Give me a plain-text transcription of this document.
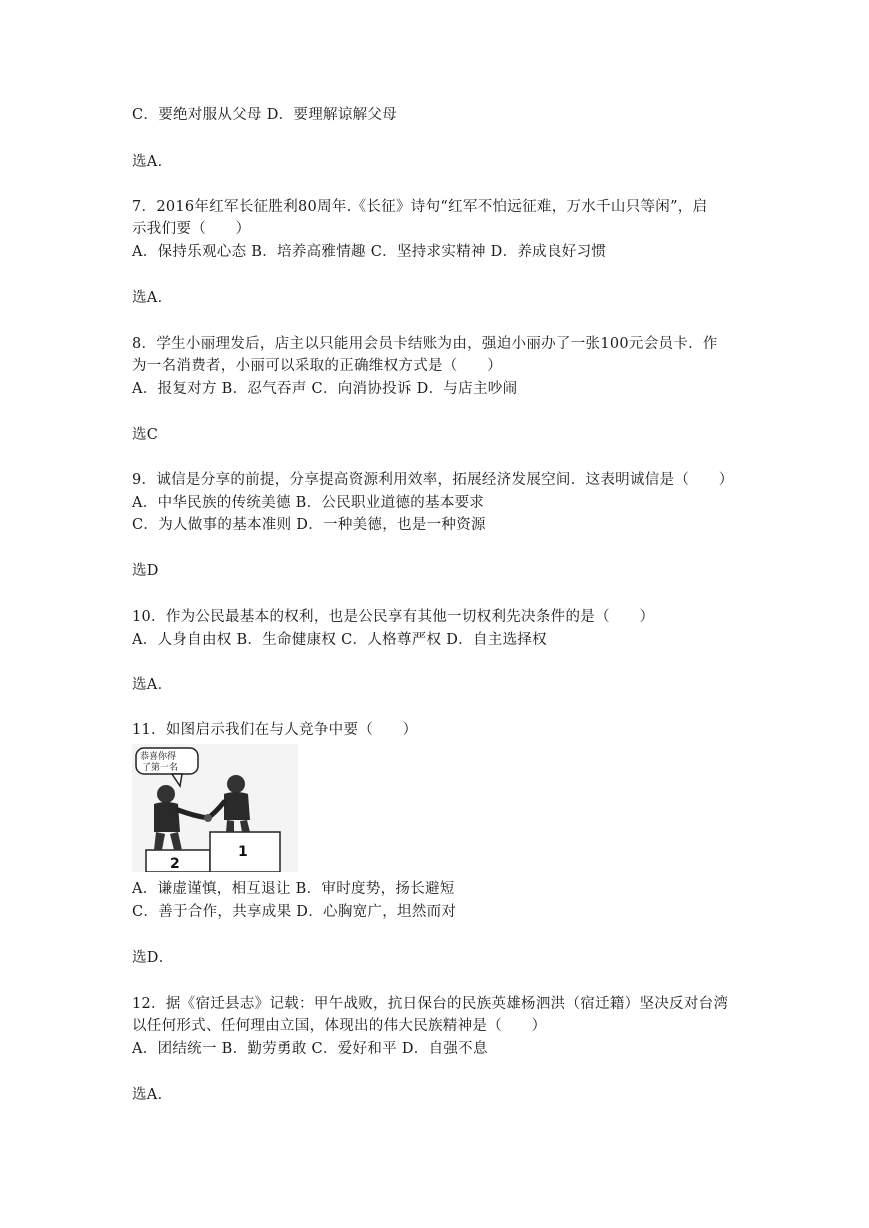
C．要绝对服从父母 D．要理解谅解父母
选A．
7．2016年红军长征胜利80周年.《长征》诗句“红军不怕远征难，万水千山只等闲”，启
示我们要（　　）
A．保持乐观心态 B．培养高雅情趣 C．坚持求实精神 D．养成良好习惯
选A．
8．学生小丽理发后，店主以只能用会员卡结账为由，强迫小丽办了一张100元会员卡．作
为一名消费者，小丽可以采取的正确维权方式是（　　）
A．报复对方 B．忍气吞声 C．向消协投诉 D．与店主吵闹
选C
9．诚信是分享的前提，分享提高资源利用效率，拓展经济发展空间．这表明诚信是（　　）
A．中华民族的传统美德 B．公民职业道德的基本要求
C．为人做事的基本准则 D．一种美德，也是一种资源
选D
10．作为公民最基本的权利，也是公民享有其他一切权利先决条件的是（　　）
A．人身自由权 B．生命健康权 C．人格尊严权 D．自主选择权
选A．
11．如图启示我们在与人竞争中要（　　）
恭喜你得
了第一名
2
1
A．谦虚谨慎，相互退让 B．审时度势，扬长避短
C．善于合作，共享成果 D．心胸宽广，坦然而对
选D．
12．据《宿迁县志》记载：甲午战败，抗日保台的民族英雄杨泗洪（宿迁籍）坚决反对台湾
以任何形式、任何理由立国，体现出的伟大民族精神是（　　）
A．团结统一 B．勤劳勇敢 C．爱好和平 D．自强不息
选A．
